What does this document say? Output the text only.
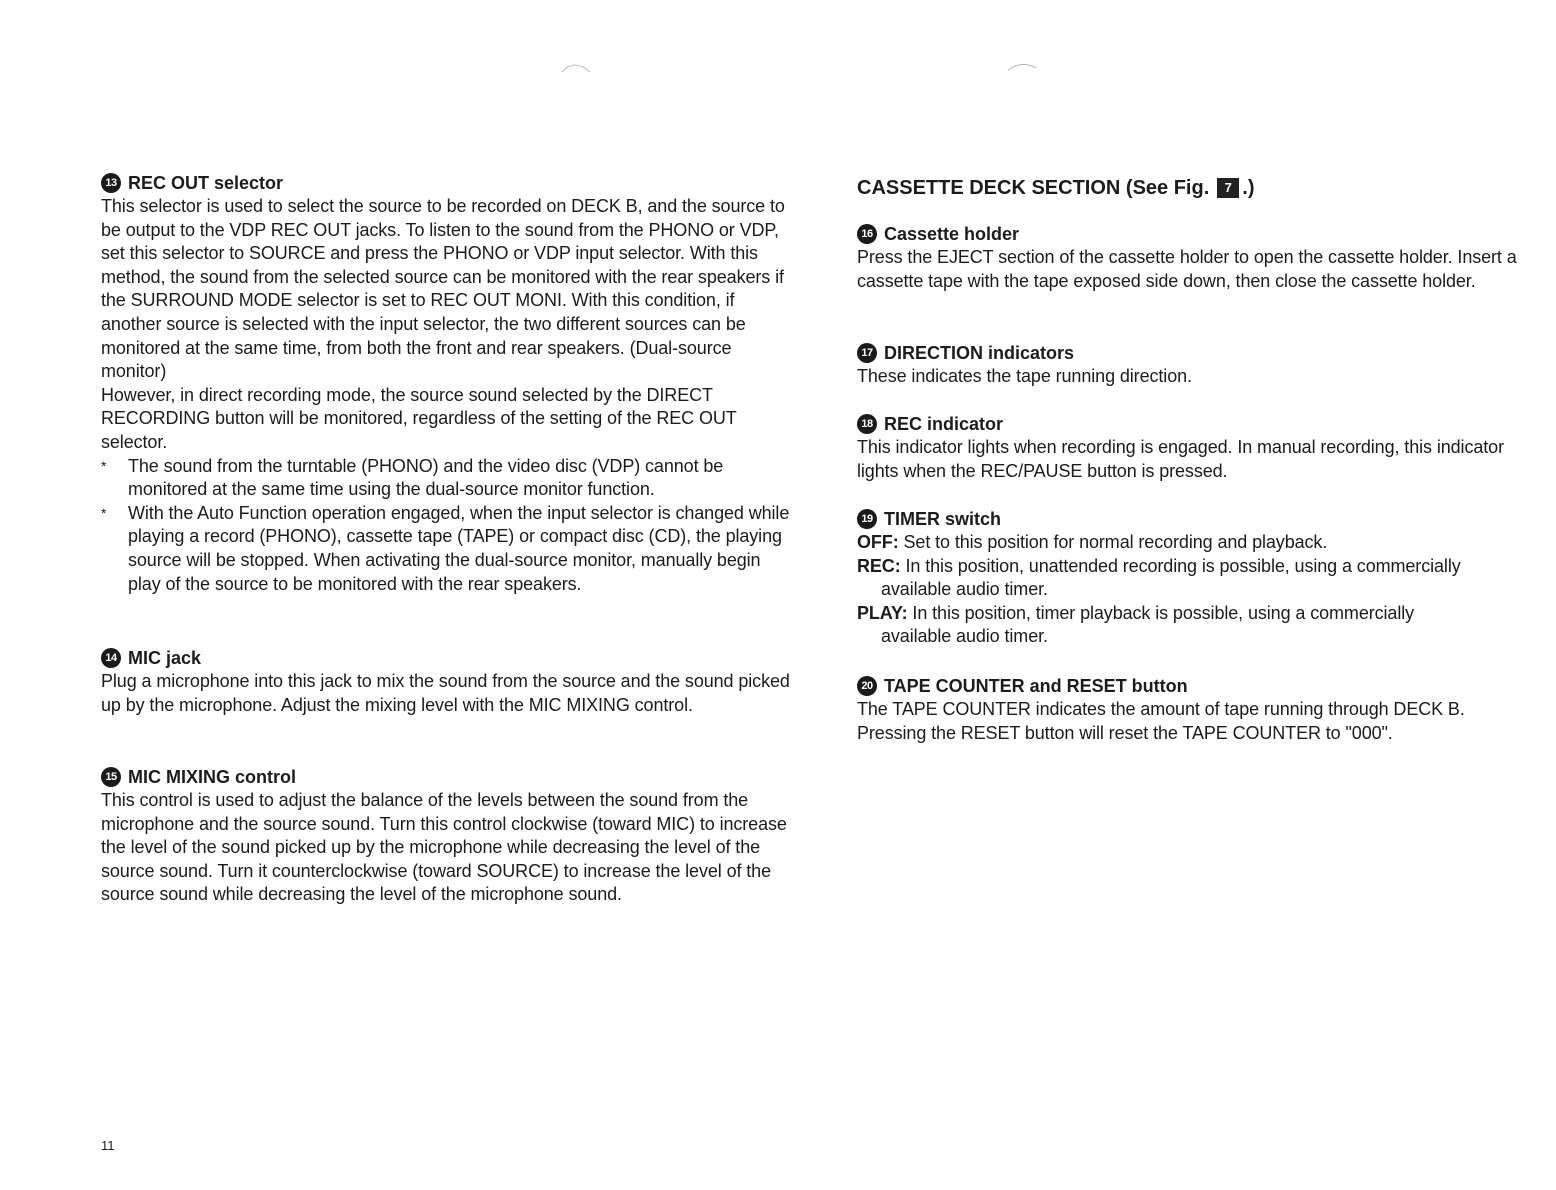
13 REC OUT selector

This selector is used to select the source to be recorded on DECK B, and the source to be output to the VDP REC OUT jacks. To listen to the sound from the PHONO or VDP, set this selector to SOURCE and press the PHONO or VDP input selector. With this method, the sound from the selected source can be monitored with the rear speakers if the SURROUND MODE selector is set to REC OUT MONI. With this condition, if another source is selected with the input selector, the two different sources can be monitored at the same time, from both the front and rear speakers. (Dual-source monitor)

However, in direct recording mode, the source sound selected by the DIRECT RECORDING button will be monitored, regardless of the setting of the REC OUT selector.

* The sound from the turntable (PHONO) and the video disc (VDP) cannot be monitored at the same time using the dual-source monitor function.
* With the Auto Function operation engaged, when the input selector is changed while playing a record (PHONO), cassette tape (TAPE) or compact disc (CD), the playing source will be stopped. When activating the dual-source monitor, manually begin play of the source to be monitored with the rear speakers.
14 MIC jack

Plug a microphone into this jack to mix the sound from the source and the sound picked up by the microphone. Adjust the mixing level with the MIC MIXING control.

15 MIC MIXING control

This control is used to adjust the balance of the levels between the sound from the microphone and the source sound. Turn this control clockwise (toward MIC) to increase the level of the sound picked up by the microphone while decreasing the level of the source sound. Turn it counterclockwise (toward SOURCE) to increase the level of the source sound while decreasing the level of the microphone sound.

CASSETTE DECK SECTION (See Fig.	7 .)
16 Cassette holder

Press the EJECT section of the cassette holder to open the cassette holder. Insert a cassette tape with the tape exposed side down, then close the cassette holder.

17 DIRECTION indicators

These indicates the tape running direction.

18 REC indicator

This indicator lights when recording is engaged. In manual recording, this indicator lights when the REC/PAUSE button is pressed.

19 TIMER switch
OFF: Set to this position for normal recording and playback.
REC: In this position, unattended recording is possible, using a commercially
available audio timer.
PLAY: In this position, timer playback is possible, using a commercially
available audio timer.
20 TAPE COUNTER and RESET button

The TAPE COUNTER indicates the amount of tape running through DECK B. Pressing the RESET button will reset the TAPE COUNTER to "000".

11
